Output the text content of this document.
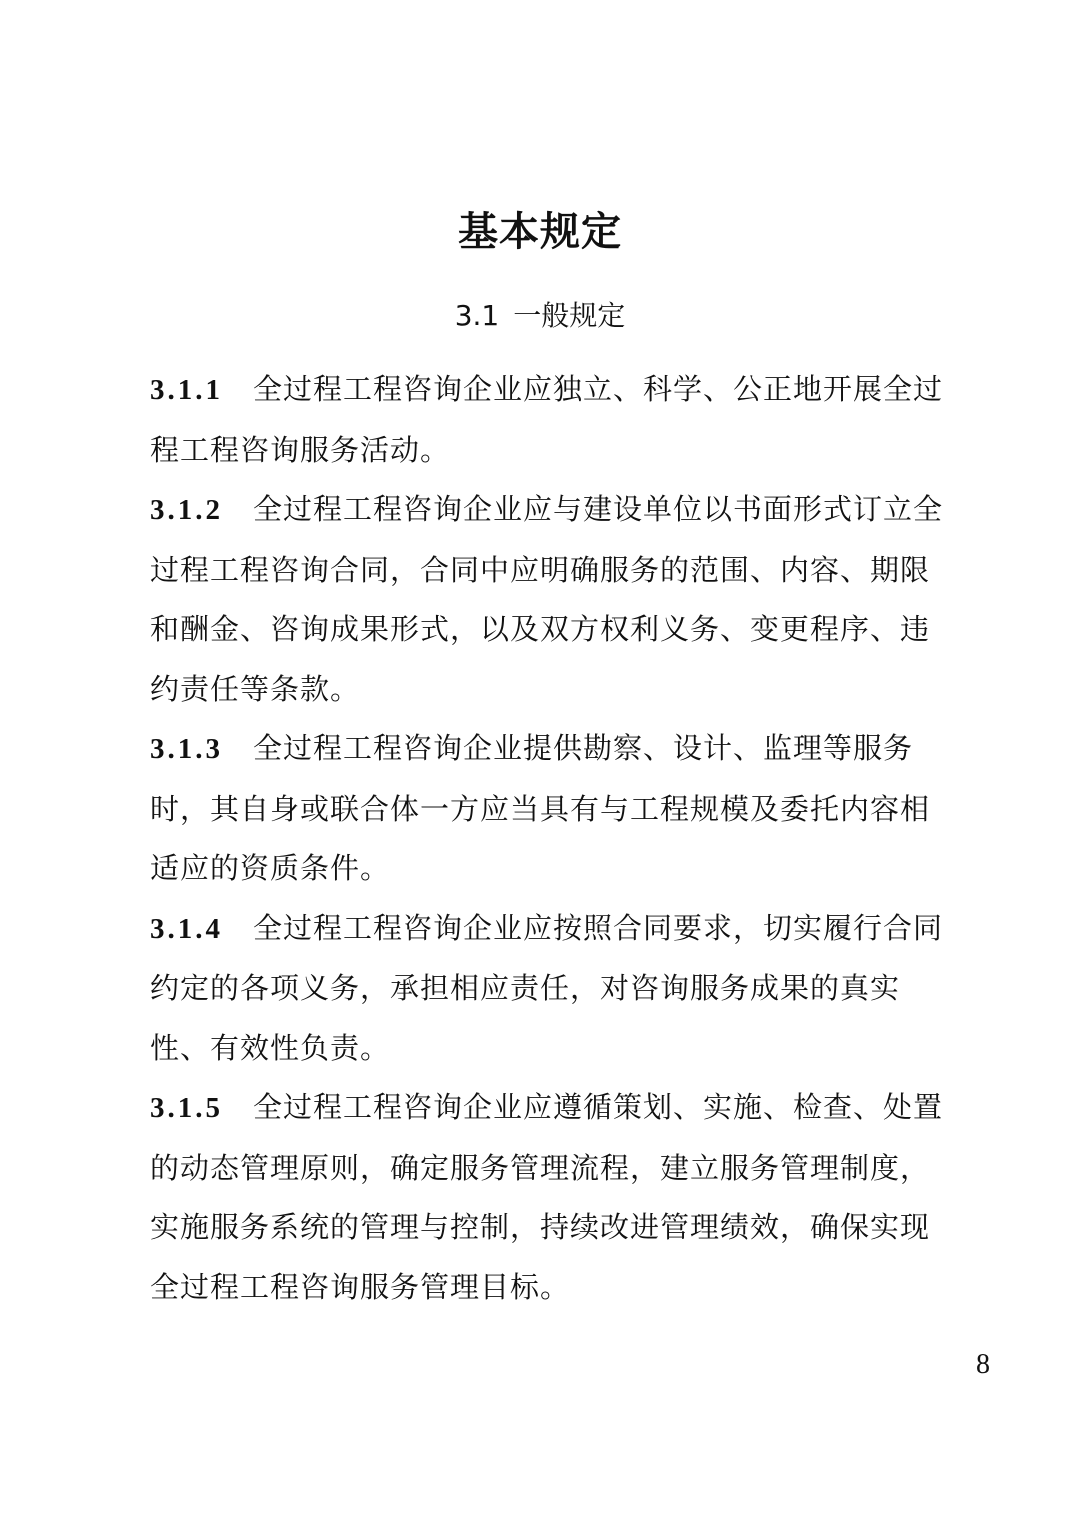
基本规定
3.1 一般规定

3.1.1 全过程工程咨询企业应独立、科学、公正地开展全过程工程咨询服务活动。

3.1.2 全过程工程咨询企业应与建设单位以书面形式订立全过程工程咨询合同，合同中应明确服务的范围、内容、期限和酬金、咨询成果形式，以及双方权利义务、变更程序、违约责任等条款。

3.1.3 全过程工程咨询企业提供勘察、设计、监理等服务时，其自身或联合体一方应当具有与工程规模及委托内容相适应的资质条件。

3.1.4 全过程工程咨询企业应按照合同要求，切实履行合同约定的各项义务，承担相应责任，对咨询服务成果的真实性、有效性负责。

3.1.5 全过程工程咨询企业应遵循策划、实施、检查、处置的动态管理原则，确定服务管理流程，建立服务管理制度，实施服务系统的管理与控制，持续改进管理绩效，确保实现全过程工程咨询服务管理目标。

8
